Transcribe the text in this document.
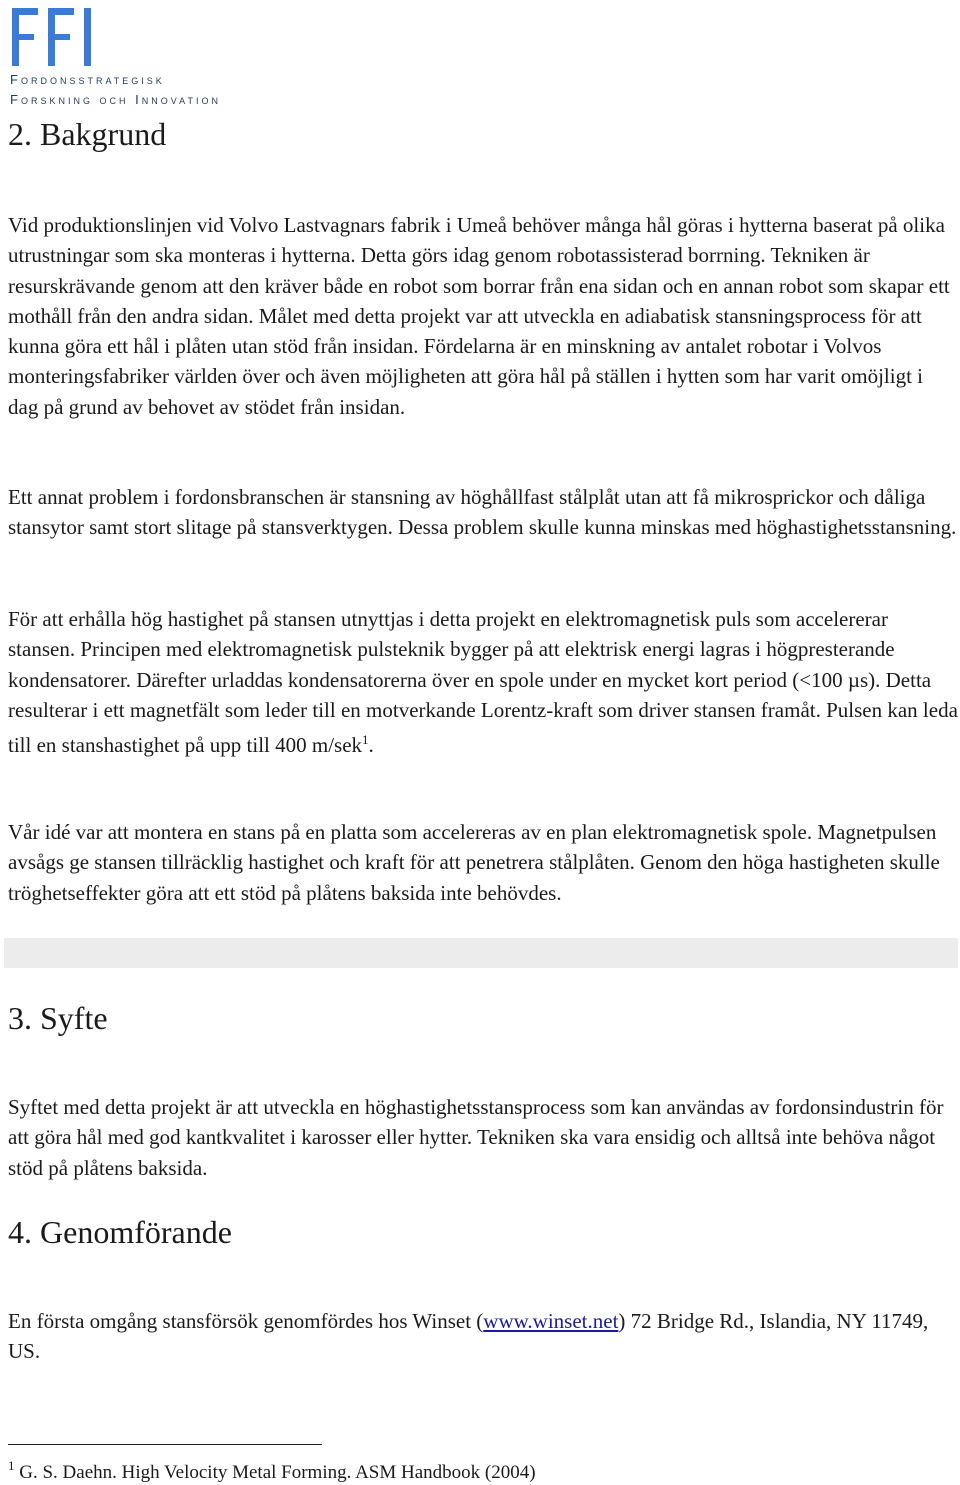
Fordonsstrategisk
Forskning och Innovation
2. Bakgrund

Vid produktionslinjen vid Volvo Lastvagnars fabrik i Umeå behöver många hål göras i hytterna baserat på olika utrustningar som ska monteras i hytterna. Detta görs idag genom robotassisterad borrning. Tekniken är resurskrävande genom att den kräver både en robot som borrar från ena sidan och en annan robot som skapar ett mothåll från den andra sidan. Målet med detta projekt var att utveckla en adiabatisk stansningsprocess för att kunna göra ett hål i plåten utan stöd från insidan. Fördelarna är en minskning av antalet robotar i Volvos monteringsfabriker världen över och även möjligheten att göra hål på ställen i hytten som har varit omöjligt i dag på grund av behovet av stödet från insidan.

Ett annat problem i fordonsbranschen är stansning av höghållfast stålplåt utan att få mikrosprickor och dåliga stansytor samt stort slitage på stansverktygen. Dessa problem skulle kunna minskas med höghastighetsstansning.

För att erhålla hög hastighet på stansen utnyttjas i detta projekt en elektromagnetisk puls som accelererar stansen. Principen med elektromagnetisk pulsteknik bygger på att elektrisk energi lagras i högpresterande kondensatorer. Därefter urladdas kondensatorerna över en spole under en mycket kort period (<100 µs). Detta resulterar i ett magnetfält som leder till en motverkande Lorentz-kraft som driver stansen framåt. Pulsen kan leda till en stanshastighet på upp till 400 m/sek$^1$.

Vår idé var att montera en stans på en platta som accelereras av en plan elektromagnetisk spole. Magnetpulsen avsågs ge stansen tillräcklig hastighet och kraft för att penetrera stålplåten. Genom den höga hastigheten skulle tröghetseffekter göra att ett stöd på plåtens baksida inte behövdes.

3. Syfte

Syftet med detta projekt är att utveckla en höghastighetsstansprocess som kan användas av fordonsindustrin för att göra hål med god kantkvalitet i karosser eller hytter. Tekniken ska vara ensidig och alltså inte behöva något stöd på plåtens baksida.

4. Genomförande

En första omgång stansförsök genomfördes hos Winset (www.winset.net) 72 Bridge Rd., Islandia, NY 11749, US.

$^1$ G. S. Daehn. High Velocity Metal Forming. ASM Handbook (2004)
